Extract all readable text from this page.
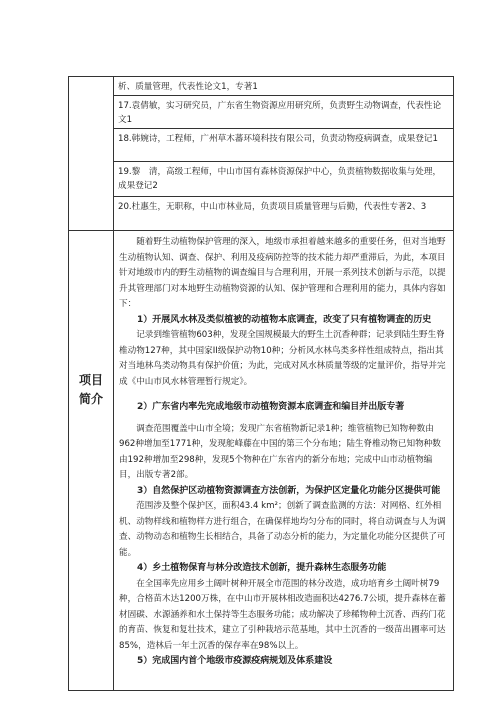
析、质量管理，代表性论文1，专著1
17.袁倩敏，实习研究员，广东省生物资源应用研究所，负责野生动物调查，代表性论文1
18.韩婉诗，工程师，广州草木蕃环境科技有限公司，负责动物疫病调查，成果登记1
19.黎　清，高级工程师，中山市国有森林资源保护中心，负责植物数据收集与处理，成果登记2
20.杜惠生，无职称，中山市林业局，负责项目质量管理与后勤，代表性专著2、3
项目
简介

随着野生动植物保护管理的深入，地级市承担着越来越多的重要任务，但对当地野生动植物认知、调查、保护、利用及疫病防控等的技术能力却严重滞后，为此，本项目针对地级市内的野生动植物的调查编目与合理利用，开展一系列技术创新与示范，以提升其管理部门对本地野生动植物资源的认知、保护管理和合理利用的能力，具体内容如下：

1）开展风水林及类似植被的动植物本底调查，改变了只有植物调查的历史

记录到维管植物603种，发现全国规模最大的野生土沉香种群；记录到陆生野生脊椎动物127种，其中国家II级保护动物10种；分析风水林鸟类多样性组成特点，指出其对当地林鸟类动物具有保护价值；为此，完成对风水林质量等级的定量评价，指导并完成《中山市风水林管理暂行规定》。

2）广东省内率先完成地级市动植物资源本底调查和编目并出版专著

调查范围覆盖中山市全境；发现广东省植物新记录1种；维管植物已知物种数由962种增加至1771种，发现舵峰藤在中国的第三个分布地；陆生脊椎动物已知物种数由192种增加至298种，发现5个物种在广东省内的新分布地；完成中山市动植物编目，出版专著2部。

3）自然保护区动植物资源调查方法创新，为保护区定量化功能分区提供可能

范围涉及整个保护区，面积43.4 km²；创新了调查监测的方法：对网格、红外相机、动物样线和植物样方进行组合，在确保样地均匀分布的同时，将自动调查与人为调查、动物动态和植物生长相结合，具备了动态分析的能力，为定量化功能分区提供了可能。

4）乡土植物保育与林分改造技术创新，提升森林生态服务功能

在全国率先应用乡土阔叶树种开展全市范围的林分改造，成功培育乡土阔叶树79种，合格苗木达1200万株，在中山市开展林相改造面积达4276.7公顷，提升森林在蓄材固碳、水源涵养和水土保持等生态服务功能；成功解决了珍稀物种土沉香、西药门花的育苗、恢复和复壮技术，建立了引种栽培示范基地，其中土沉香的一级苗出圃率可达85%，造林后一年土沉香的保存率在98%以上。

5）完成国内首个地级市疫源疫病规划及体系建设
